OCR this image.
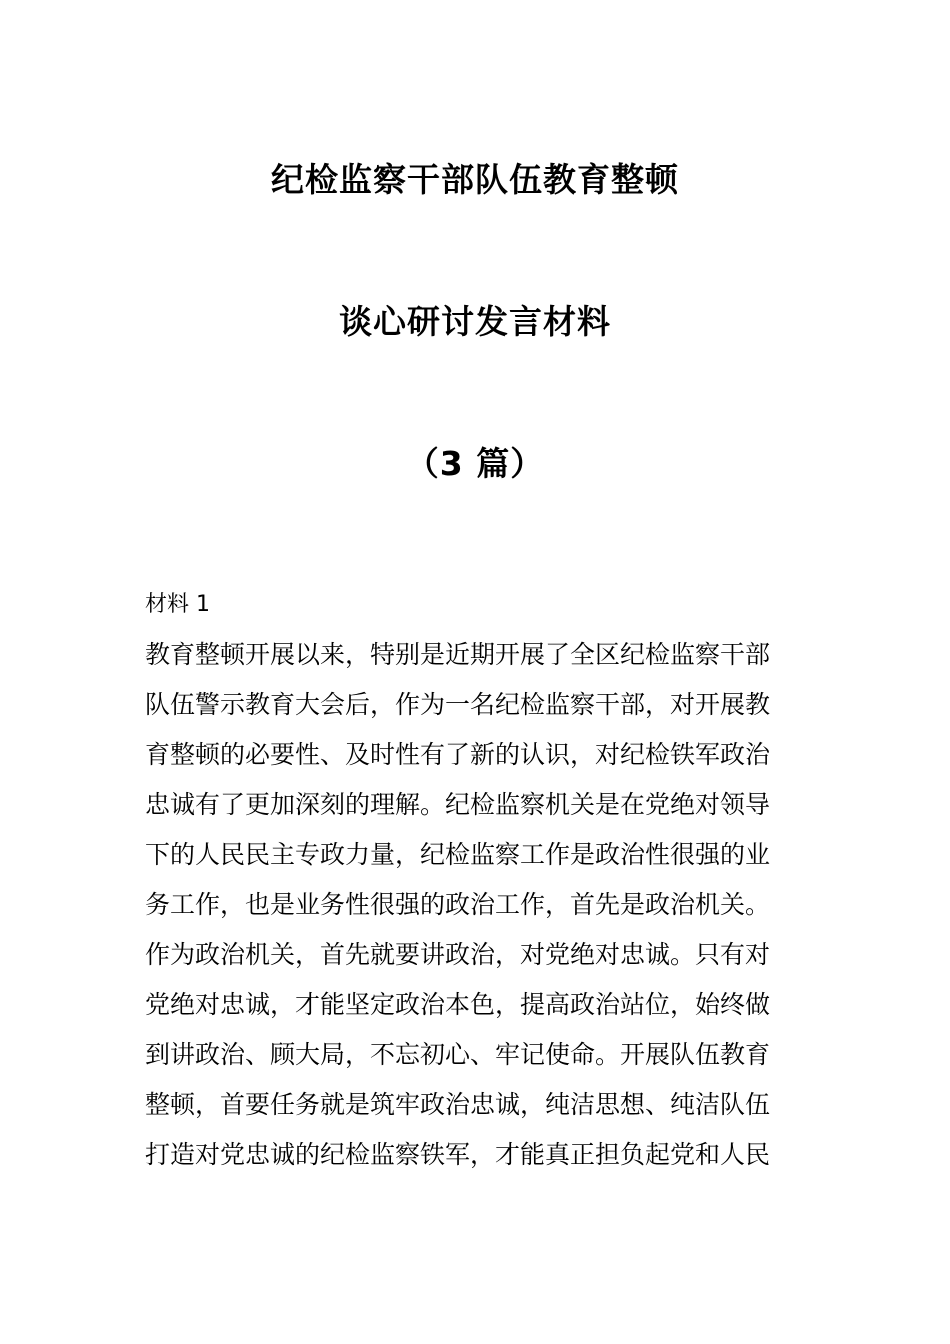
纪检监察干部队伍教育整顿
谈心研讨发言材料
（3 篇）
材料 1
教育整顿开展以来，特别是近期开展了全区纪检监察干部
队伍警示教育大会后，作为一名纪检监察干部，对开展教
育整顿的必要性、及时性有了新的认识，对纪检铁军政治
忠诚有了更加深刻的理解。纪检监察机关是在党绝对领导
下的人民民主专政力量，纪检监察工作是政治性很强的业
务工作，也是业务性很强的政治工作，首先是政治机关。
作为政治机关，首先就要讲政治，对党绝对忠诚。只有对
党绝对忠诚，才能坚定政治本色，提高政治站位，始终做
到讲政治、顾大局，不忘初心、牢记使命。开展队伍教育
整顿，首要任务就是筑牢政治忠诚，纯洁思想、纯洁队伍
打造对党忠诚的纪检监察铁军，才能真正担负起党和人民
